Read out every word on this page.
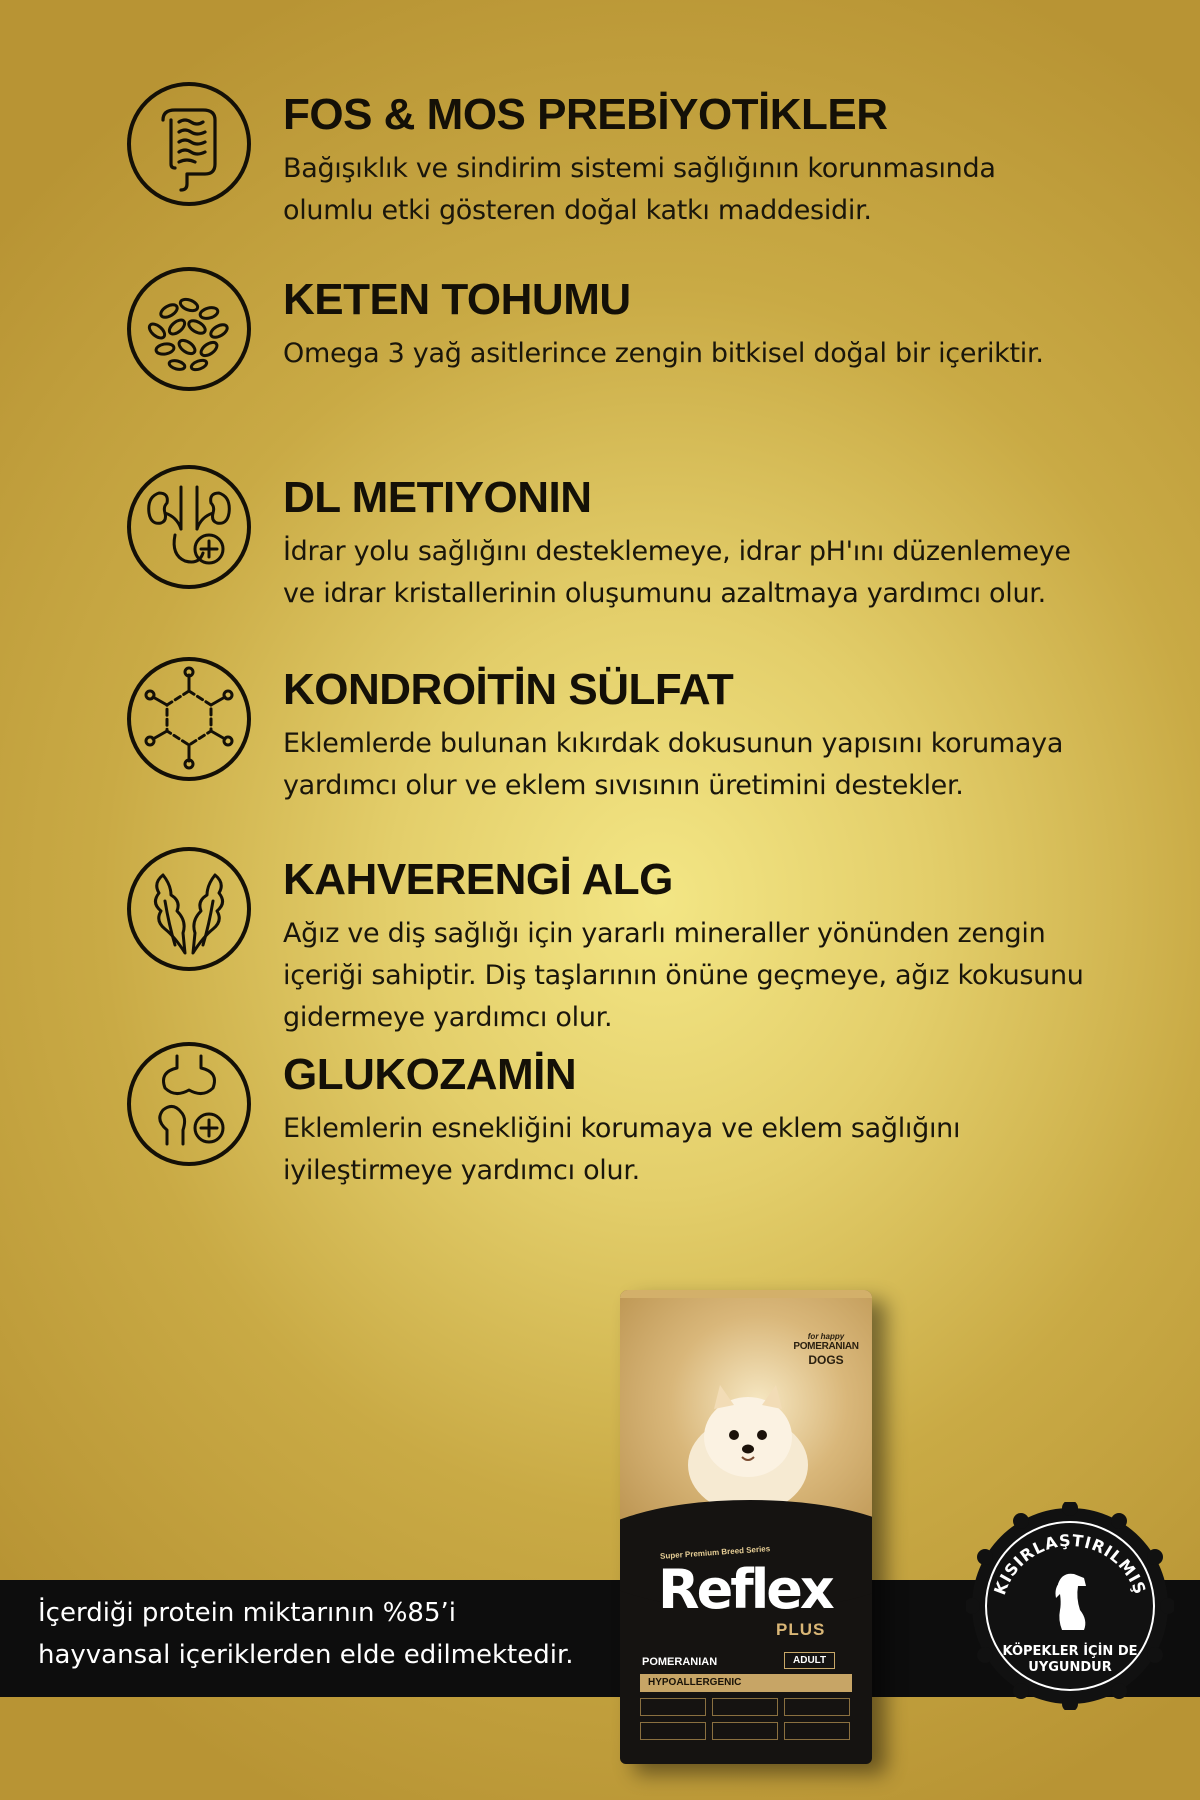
FOS & MOS PREBİYOTİKLER
Bağışıklık ve sindirim sistemi sağlığının korunmasında
olumlu etki gösteren doğal katkı maddesidir.
KETEN TOHUMU
Omega 3 yağ asitlerince zengin bitkisel doğal bir içeriktir.
DL METIYONIN
İdrar yolu sağlığını desteklemeye, idrar pH'ını düzenlemeye
ve idrar kristallerinin oluşumunu azaltmaya yardımcı olur.
KONDROİTİN SÜLFAT
Eklemlerde bulunan kıkırdak dokusunun yapısını korumaya
yardımcı olur ve eklem sıvısının üretimini destekler.
KAHVERENGİ ALG
Ağız ve diş sağlığı için yararlı mineraller yönünden zengin
içeriği sahiptir. Diş taşlarının önüne geçmeye, ağız kokusunu
gidermeye yardımcı olur.
GLUKOZAMİN
Eklemlerin esnekliğini korumaya ve eklem sağlığını
iyileştirmeye yardımcı olur.
İçerdiği protein miktarının %85’i
hayvansal içeriklerden elde edilmektedir.
for happy
POMERANIAN
DOGS
Super Premium Breed Series
Reflex
PLUS
POMERANIAN	ADULT
HYPOALLERGENIC
KISIRLAŞTIRILMIŞ
KÖPEKLER İÇİN DE
UYGUNDUR
